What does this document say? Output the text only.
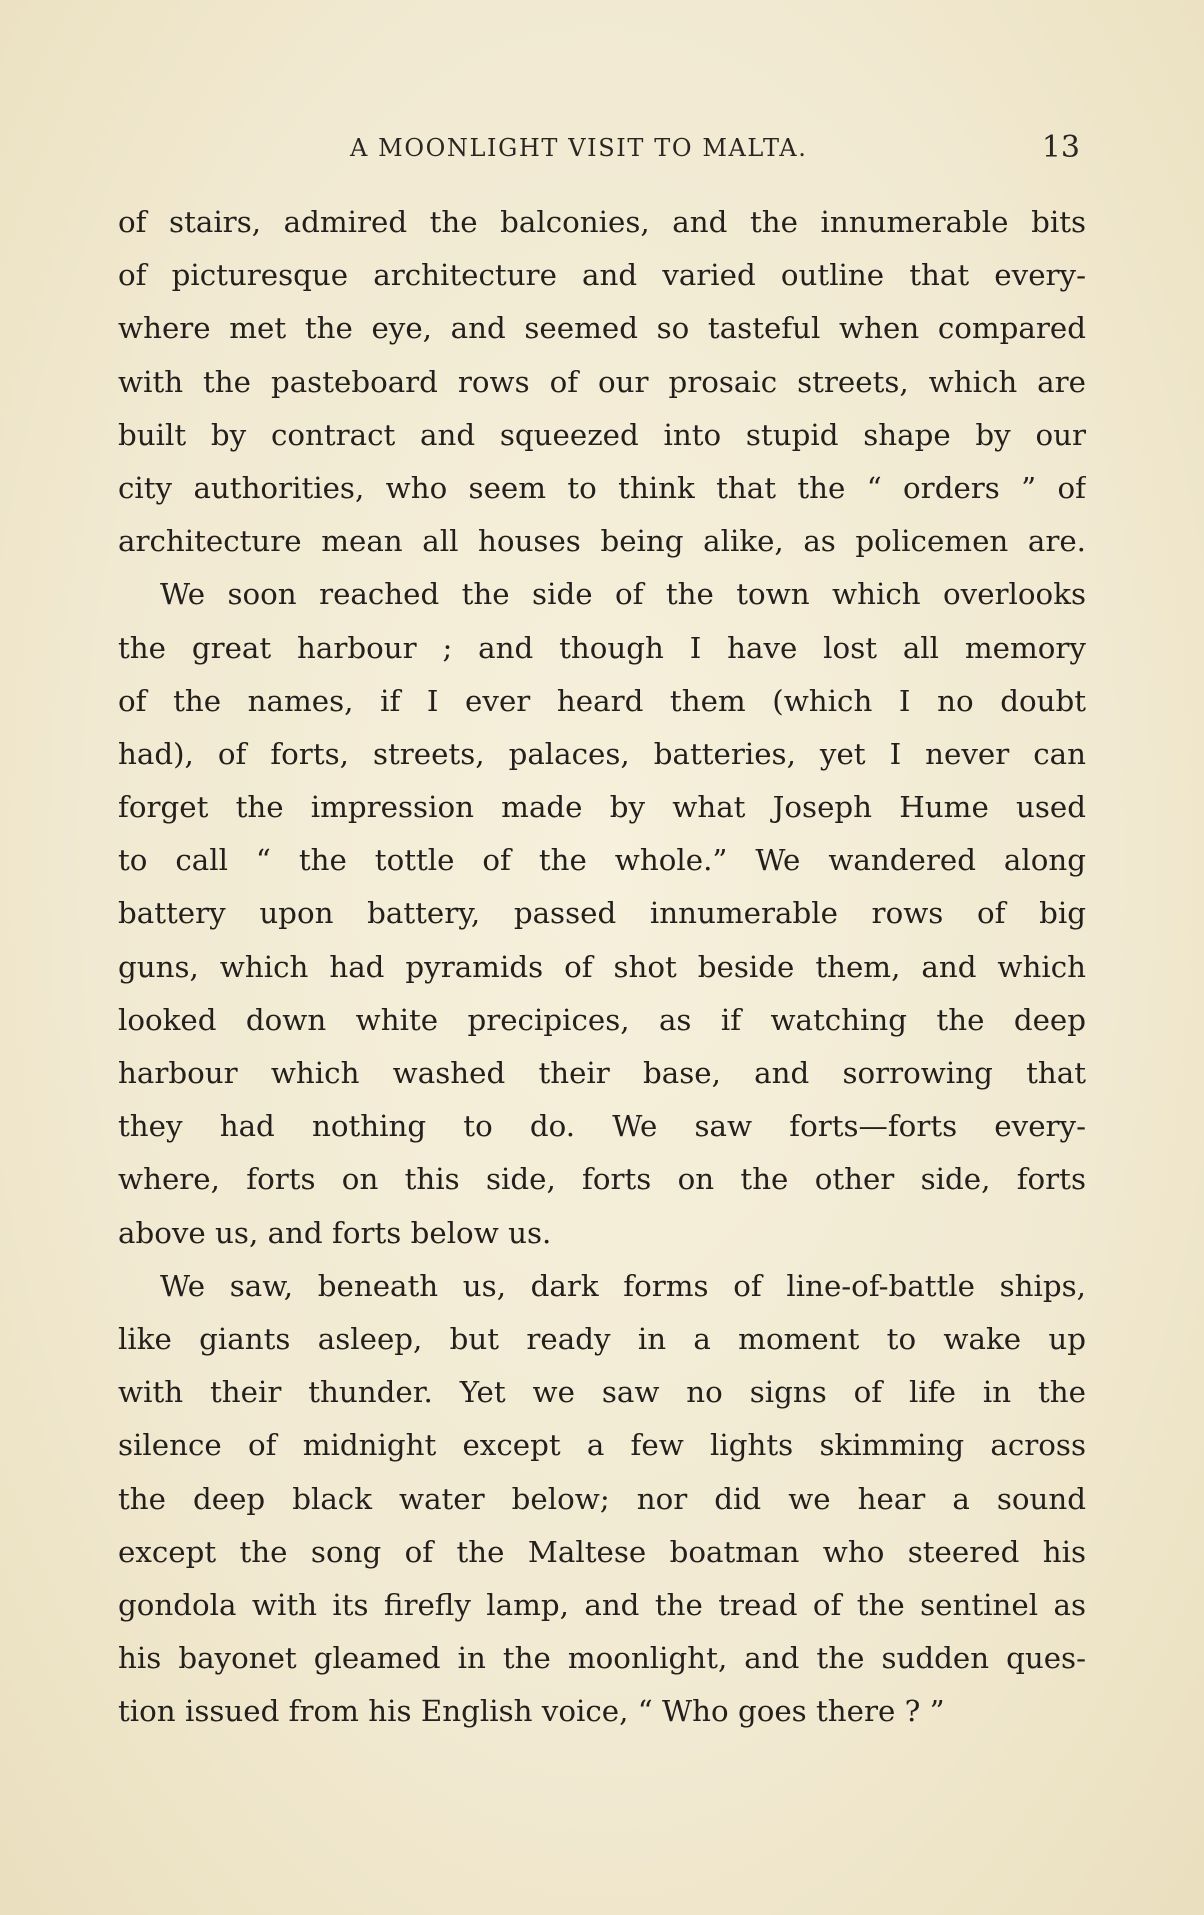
A MOONLIGHT VISIT TO MALTA.	13
of stairs, admired the balconies, and the innumerable bits
of picturesque architecture and varied outline that every-
where met the eye, and seemed so tasteful when compared
with the pasteboard rows of our prosaic streets, which are
built by contract and squeezed into stupid shape by our
city authorities, who seem to think that the “ orders ” of
architecture mean all houses being alike, as policemen are.
We soon reached the side of the town which overlooks
the great harbour ; and though I have lost all memory
of the names, if I ever heard them (which I no doubt
had), of forts, streets, palaces, batteries, yet I never can
forget the impression made by what Joseph Hume used
to call “ the tottle of the whole.” We wandered along
battery upon battery, passed innumerable rows of big
guns, which had pyramids of shot beside them, and which
looked down white precipices, as if watching the deep
harbour which washed their base, and sorrowing that
they had nothing to do. We saw forts—forts every-
where, forts on this side, forts on the other side, forts
above us, and forts below us.
We saw, beneath us, dark forms of line-of-battle ships,
like giants asleep, but ready in a moment to wake up
with their thunder. Yet we saw no signs of life in the
silence of midnight except a few lights skimming across
the deep black water below; nor did we hear a sound
except the song of the Maltese boatman who steered his
gondola with its firefly lamp, and the tread of the sentinel as
his bayonet gleamed in the moonlight, and the sudden ques-
tion issued from his English voice, “ Who goes there ? ”
